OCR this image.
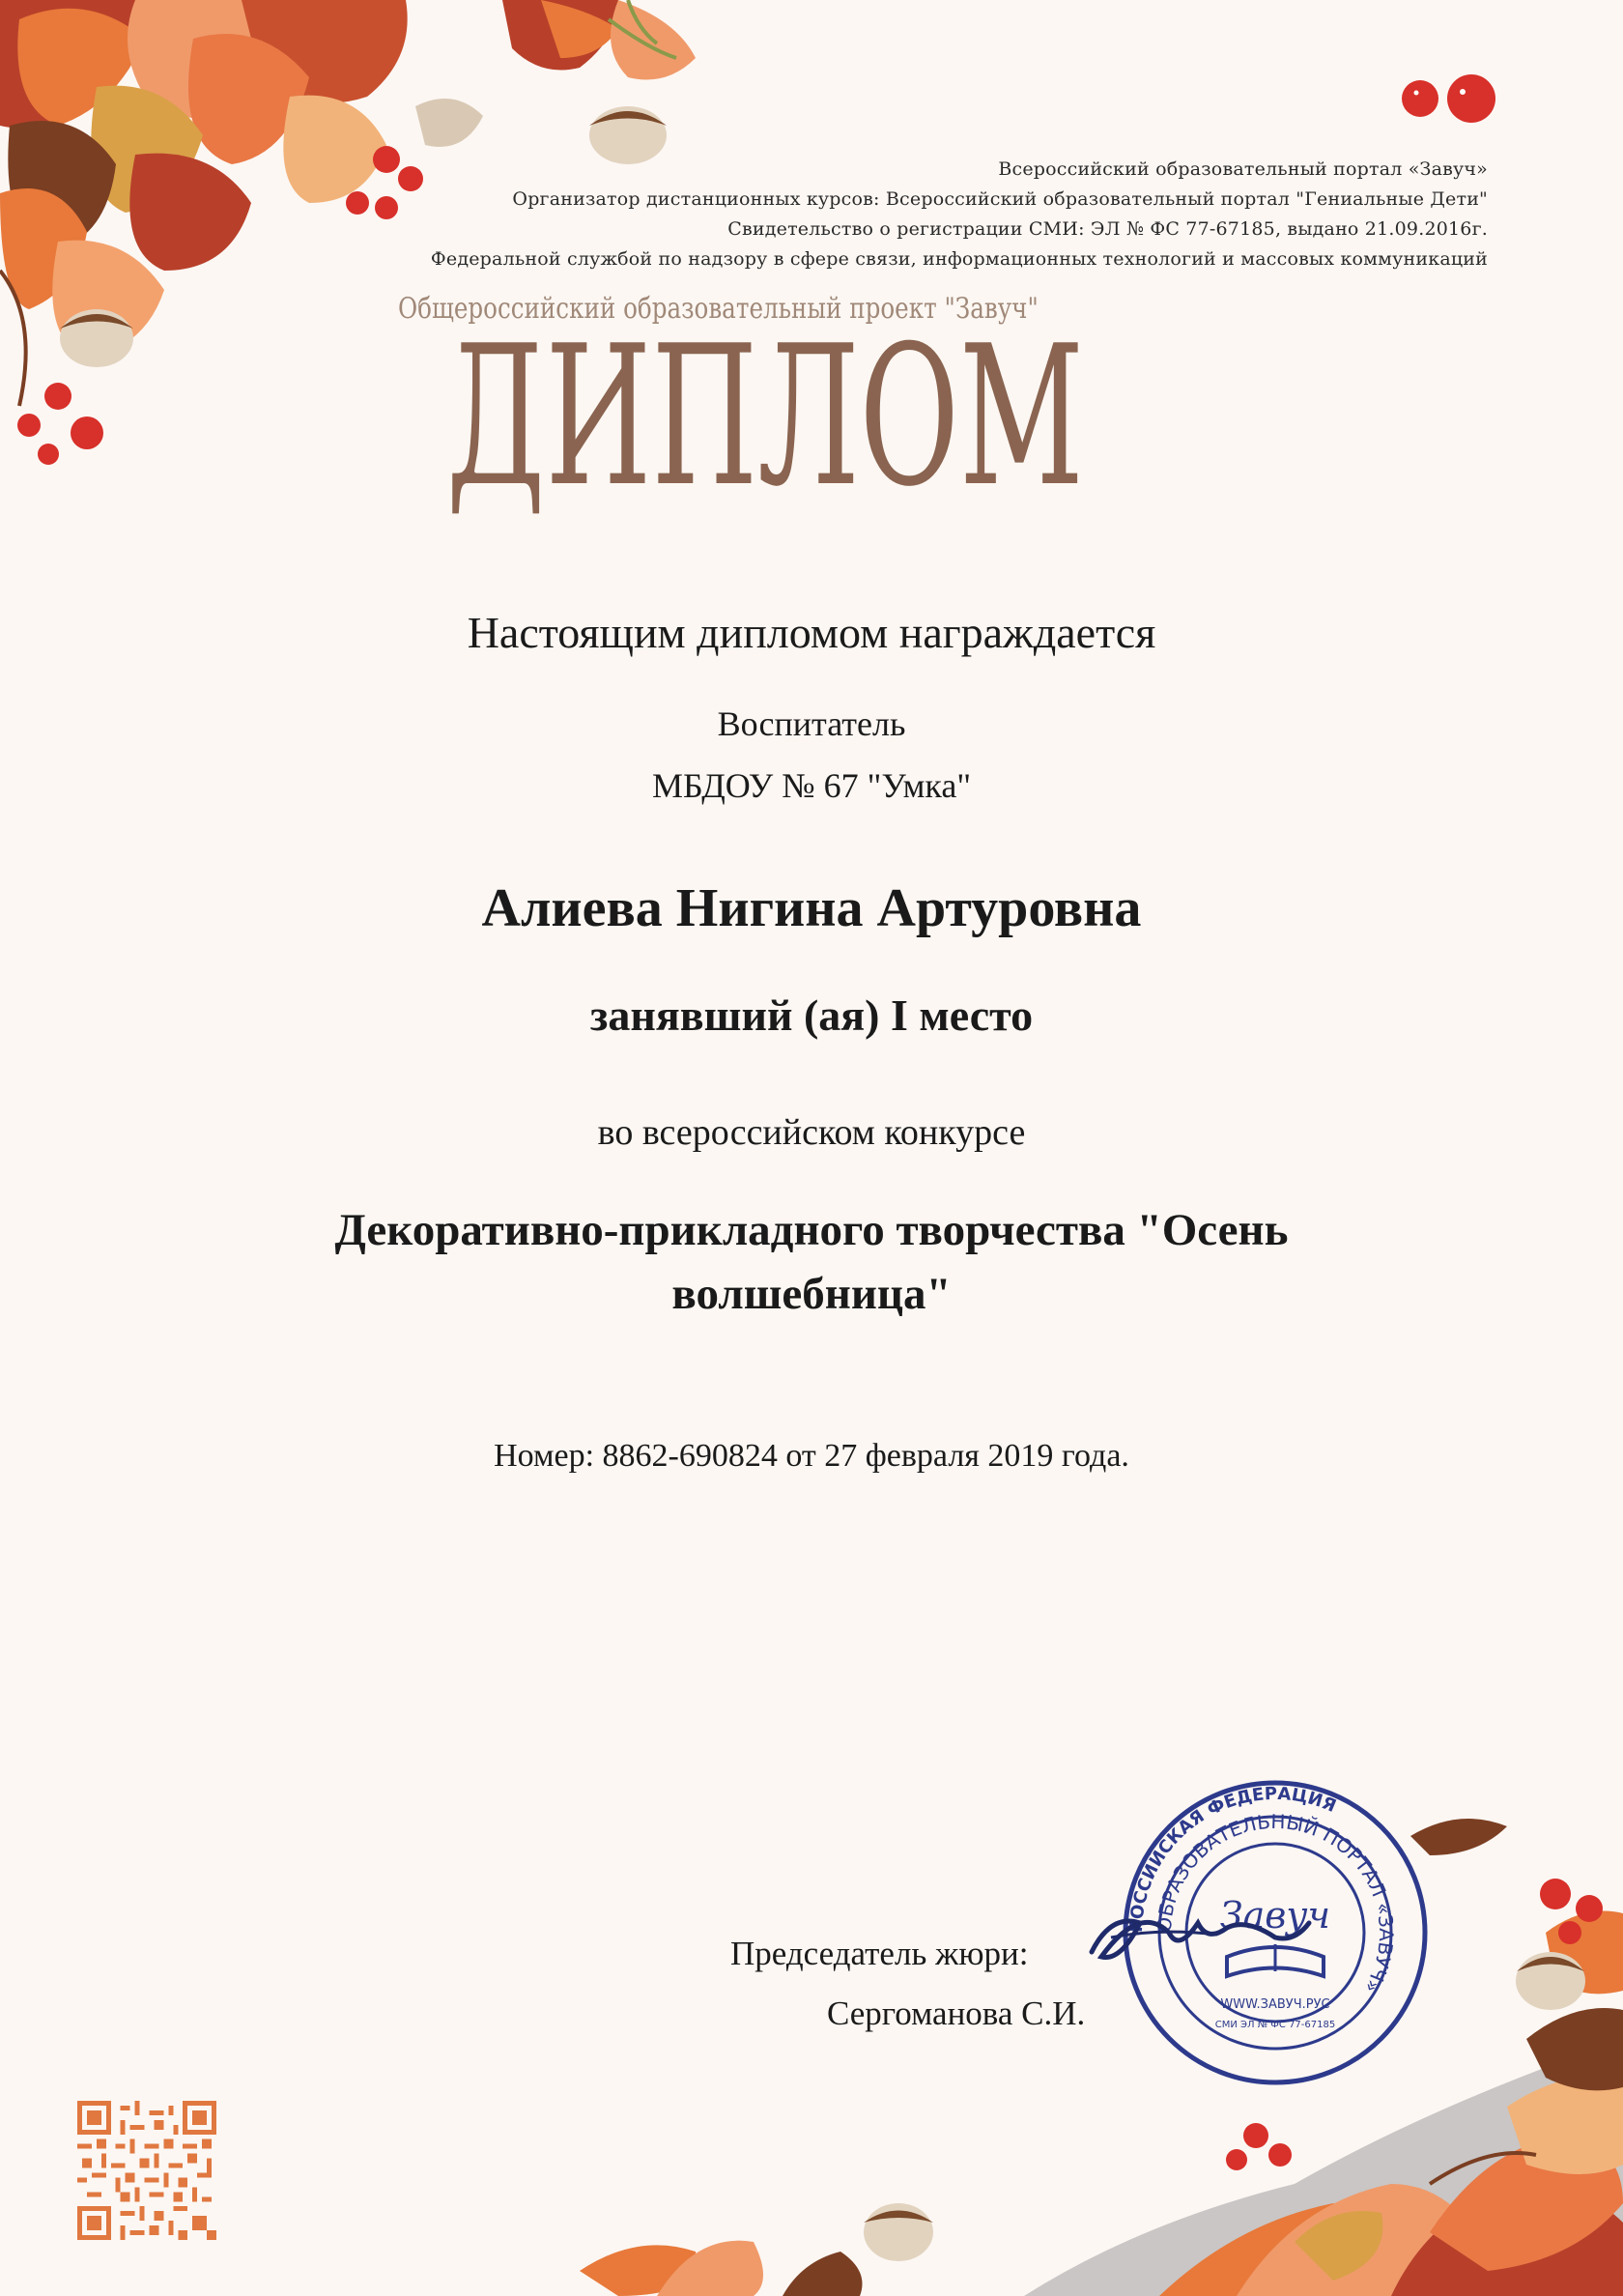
Всероссийский образовательный портал «Завуч»
Организатор дистанционных курсов: Всероссийский образовательный портал "Гениальные Дети"
Свидетельство о регистрации СМИ: ЭЛ № ФС 77-67185, выдано 21.09.2016г.
Федеральной службой по надзору в сфере связи, информационных технологий и массовых коммуникаций
Общероссийский образовательный проект "Завуч"
ДИПЛОМ
Настоящим дипломом награждается
Воспитатель
МБДОУ № 67 "Умка"
Алиева Нигина Артуровна
занявший (ая) I место
во всероссийском конкурсе
Декоративно-прикладного творчества "Осень волшебница"
Номер: 8862-690824 от 27 февраля 2019 года.
Председатель жюри:
Сергоманова С.И.
РОССИЙСКАЯ ФЕДЕРАЦИЯ
ОБРАЗОВАТЕЛЬНЫЙ ПОРТАЛ «ЗАВУЧ»
Завуч
WWW.ЗАВУЧ.РУС
СМИ ЭЛ № ФС 77-67185
